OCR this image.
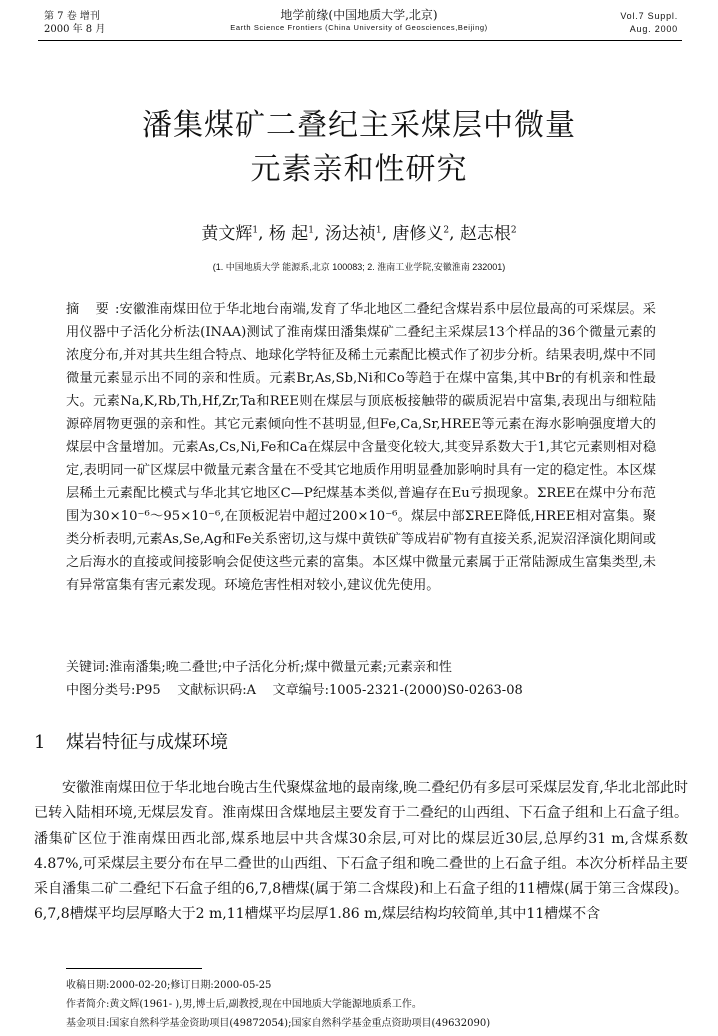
第 7 卷 增刊
2000 年 8 月
地学前缘(中国地质大学,北京)
Earth Science Frontiers (China University of Geosciences,Beijing)
Vol.7 Suppl.
Aug. 2000
潘集煤矿二叠纪主采煤层中微量
元素亲和性研究
黄文辉$^1$, 杨 起$^1$, 汤达祯$^1$, 唐修义$^2$, 赵志根$^2$
(1. 中国地质大学 能源系,北京 100083; 2. 淮南工业学院,安徽淮南 232001)
摘 要:安徽淮南煤田位于华北地台南端,发育了华北地区二叠纪含煤岩系中层位最高的可采煤层。采用仪器中子活化分析法(INAA)测试了淮南煤田潘集煤矿二叠纪主采煤层13个样品的36个微量元素的浓度分布,并对其共生组合特点、地球化学特征及稀土元素配比模式作了初步分析。结果表明,煤中不同微量元素显示出不同的亲和性质。元素Br,As,Sb,Ni和Co等趋于在煤中富集,其中Br的有机亲和性最大。元素Na,K,Rb,Th,Hf,Zr,Ta和REE则在煤层与顶底板接触带的碳质泥岩中富集,表现出与细粒陆源碎屑物更强的亲和性。其它元素倾向性不甚明显,但Fe,Ca,Sr,HREE等元素在海水影响强度增大的煤层中含量增加。元素As,Cs,Ni,Fe和Ca在煤层中含量变化较大,其变异系数大于1,其它元素则相对稳定,表明同一矿区煤层中微量元素含量在不受其它地质作用明显叠加影响时具有一定的稳定性。本区煤层稀土元素配比模式与华北其它地区C—P纪煤基本类似,普遍存在Eu亏损现象。ΣREE在煤中分布范围为30×10⁻⁶～95×10⁻⁶,在顶板泥岩中超过200×10⁻⁶。煤层中部ΣREE降低,HREE相对富集。聚类分析表明,元素As,Se,Ag和Fe关系密切,这与煤中黄铁矿等成岩矿物有直接关系,泥炭沼泽演化期间或之后海水的直接或间接影响会促使这些元素的富集。本区煤中微量元素属于正常陆源成生富集类型,未有异常富集有害元素发现。环境危害性相对较小,建议优先使用。
关键词:淮南潘集;晚二叠世;中子活化分析;煤中微量元素;元素亲和性
中图分类号:P95 文献标识码:A 文章编号:1005-2321-(2000)S0-0263-08
1 煤岩特征与成煤环境
安徽淮南煤田位于华北地台晚古生代聚煤盆地的最南缘,晚二叠纪仍有多层可采煤层发育,华北北部此时已转入陆相环境,无煤层发育。淮南煤田含煤地层主要发育于二叠纪的山西组、下石盒子组和上石盒子组。潘集矿区位于淮南煤田西北部,煤系地层中共含煤30余层,可对比的煤层近30层,总厚约31 m,含煤系数4.87%,可采煤层主要分布在早二叠世的山西组、下石盒子组和晚二叠世的上石盒子组。本次分析样品主要采自潘集二矿二叠纪下石盒子组的6,7,8槽煤(属于第二含煤段)和上石盒子组的11槽煤(属于第三含煤段)。6,7,8槽煤平均层厚略大于2 m,11槽煤平均层厚1.86 m,煤层结构均较简单,其中11槽煤不含
收稿日期:2000-02-20;修订日期:2000-05-25
作者简介:黄文辉(1961- ),男,博士后,副教授,现在中国地质大学能源地质系工作。
基金项目:国家自然科学基金资助项目(49872054);国家自然科学基金重点资助项目(49632090)
